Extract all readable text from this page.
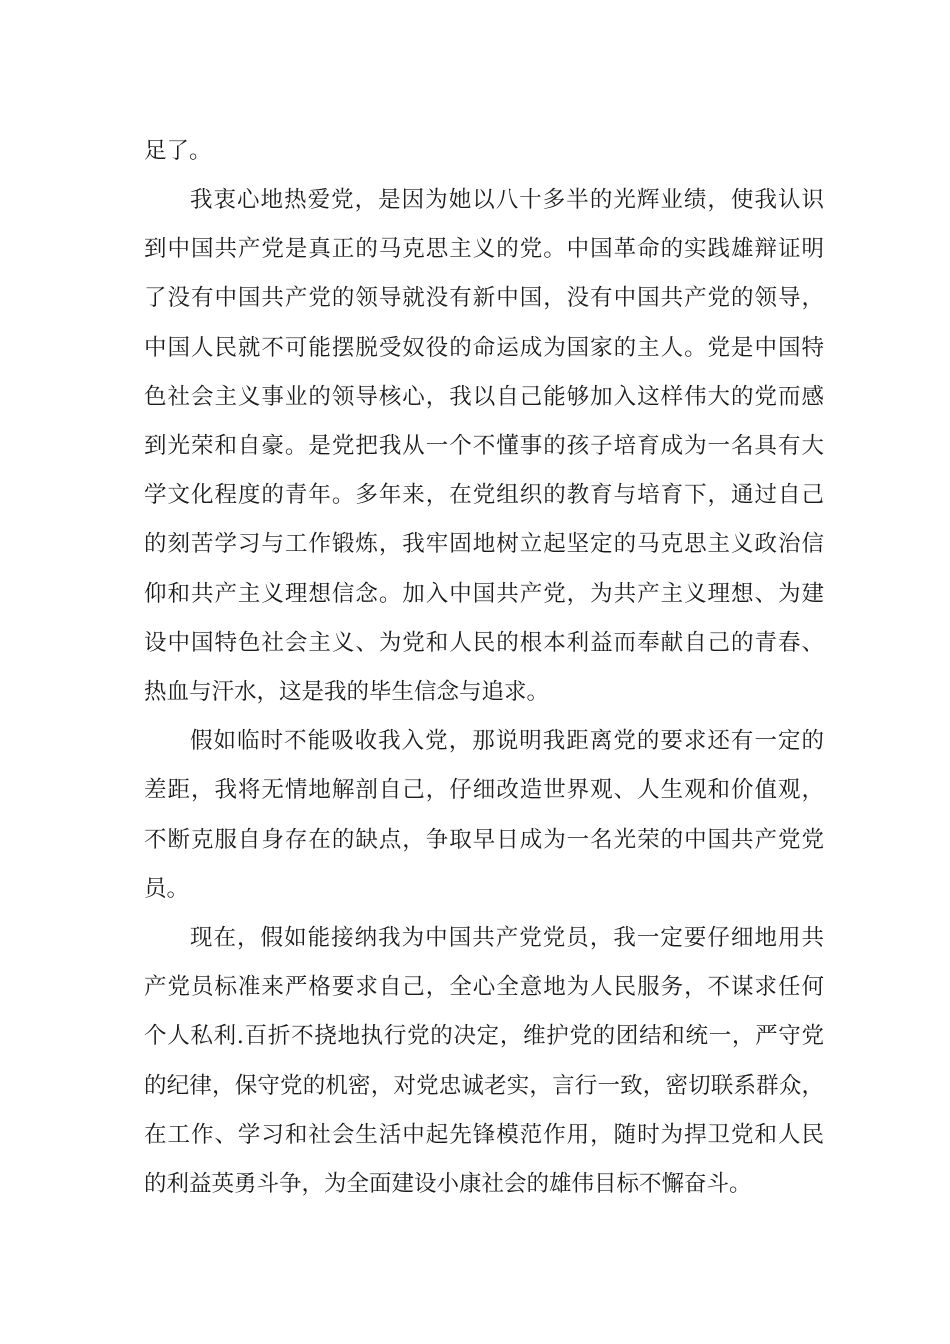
足了。
我衷心地热爱党，是因为她以八十多半的光辉业绩，使我认识
到中国共产党是真正的马克思主义的党。中国革命的实践雄辩证明
了没有中国共产党的领导就没有新中国，没有中国共产党的领导，
中国人民就不可能摆脱受奴役的命运成为国家的主人。党是中国特
色社会主义事业的领导核心，我以自己能够加入这样伟大的党而感
到光荣和自豪。是党把我从一个不懂事的孩子培育成为一名具有大
学文化程度的青年。多年来，在党组织的教育与培育下，通过自己
的刻苦学习与工作锻炼，我牢固地树立起坚定的马克思主义政治信
仰和共产主义理想信念。加入中国共产党，为共产主义理想、为建
设中国特色社会主义、为党和人民的根本利益而奉献自己的青春、
热血与汗水，这是我的毕生信念与追求。
假如临时不能吸收我入党，那说明我距离党的要求还有一定的
差距，我将无情地解剖自己，仔细改造世界观、人生观和价值观，
不断克服自身存在的缺点，争取早日成为一名光荣的中国共产党党
员。
现在，假如能接纳我为中国共产党党员，我一定要仔细地用共
产党员标准来严格要求自己，全心全意地为人民服务，不谋求任何
个人私利.百折不挠地执行党的决定，维护党的团结和统一，严守党
的纪律，保守党的机密，对党忠诚老实，言行一致，密切联系群众，
在工作、学习和社会生活中起先锋模范作用，随时为捍卫党和人民
的利益英勇斗争，为全面建设小康社会的雄伟目标不懈奋斗。
